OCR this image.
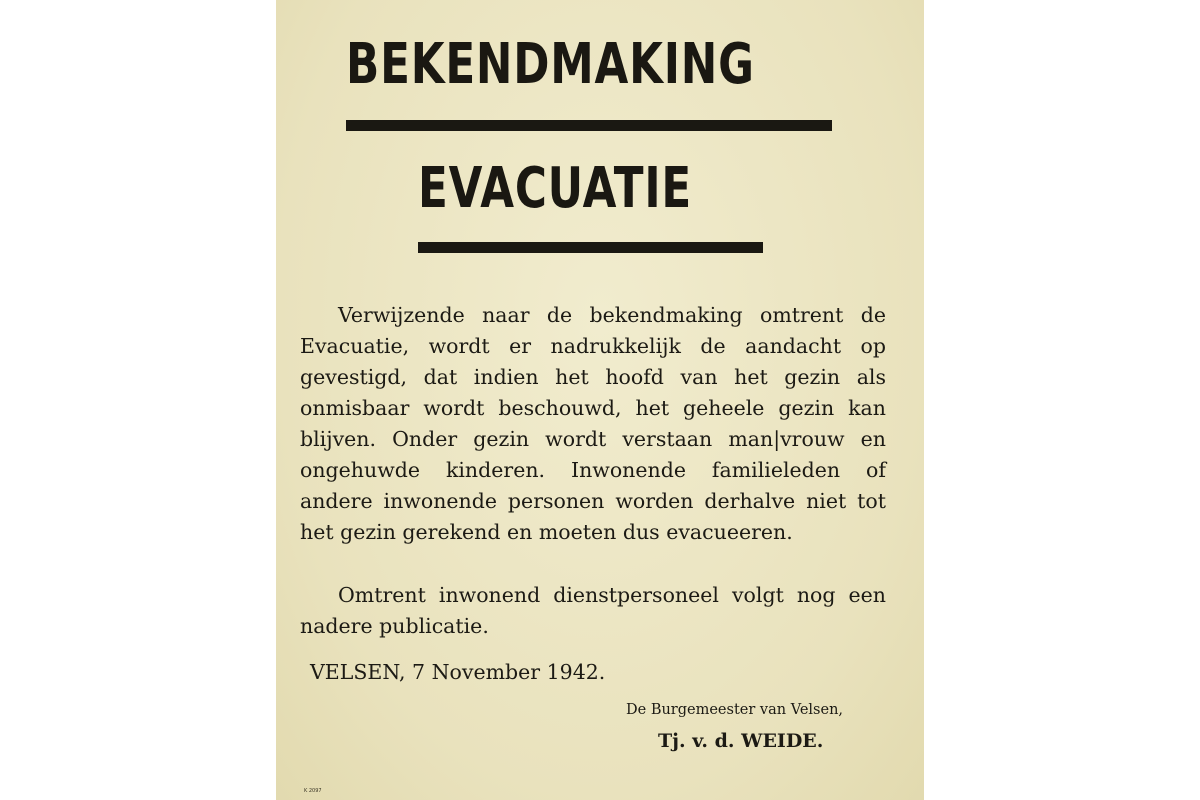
BEKENDMAKING
EVACUATIE

Verwijzende naar de bekendmaking omtrent de Evacuatie, wordt er nadrukkelijk de aandacht op gevestigd, dat indien het hoofd van het gezin als onmisbaar wordt beschouwd, het geheele gezin kan blijven. Onder gezin wordt verstaan man|vrouw en ongehuwde kinderen. Inwonende familieleden of andere inwonende personen worden derhalve niet tot het gezin gerekend en moeten dus evacueeren.

Omtrent inwonend dienstpersoneel volgt nog een nadere publicatie.

VELSEN, 7 November 1942.
De Burgemeester van Velsen,
Tj. v. d. WEIDE.
K 2097
